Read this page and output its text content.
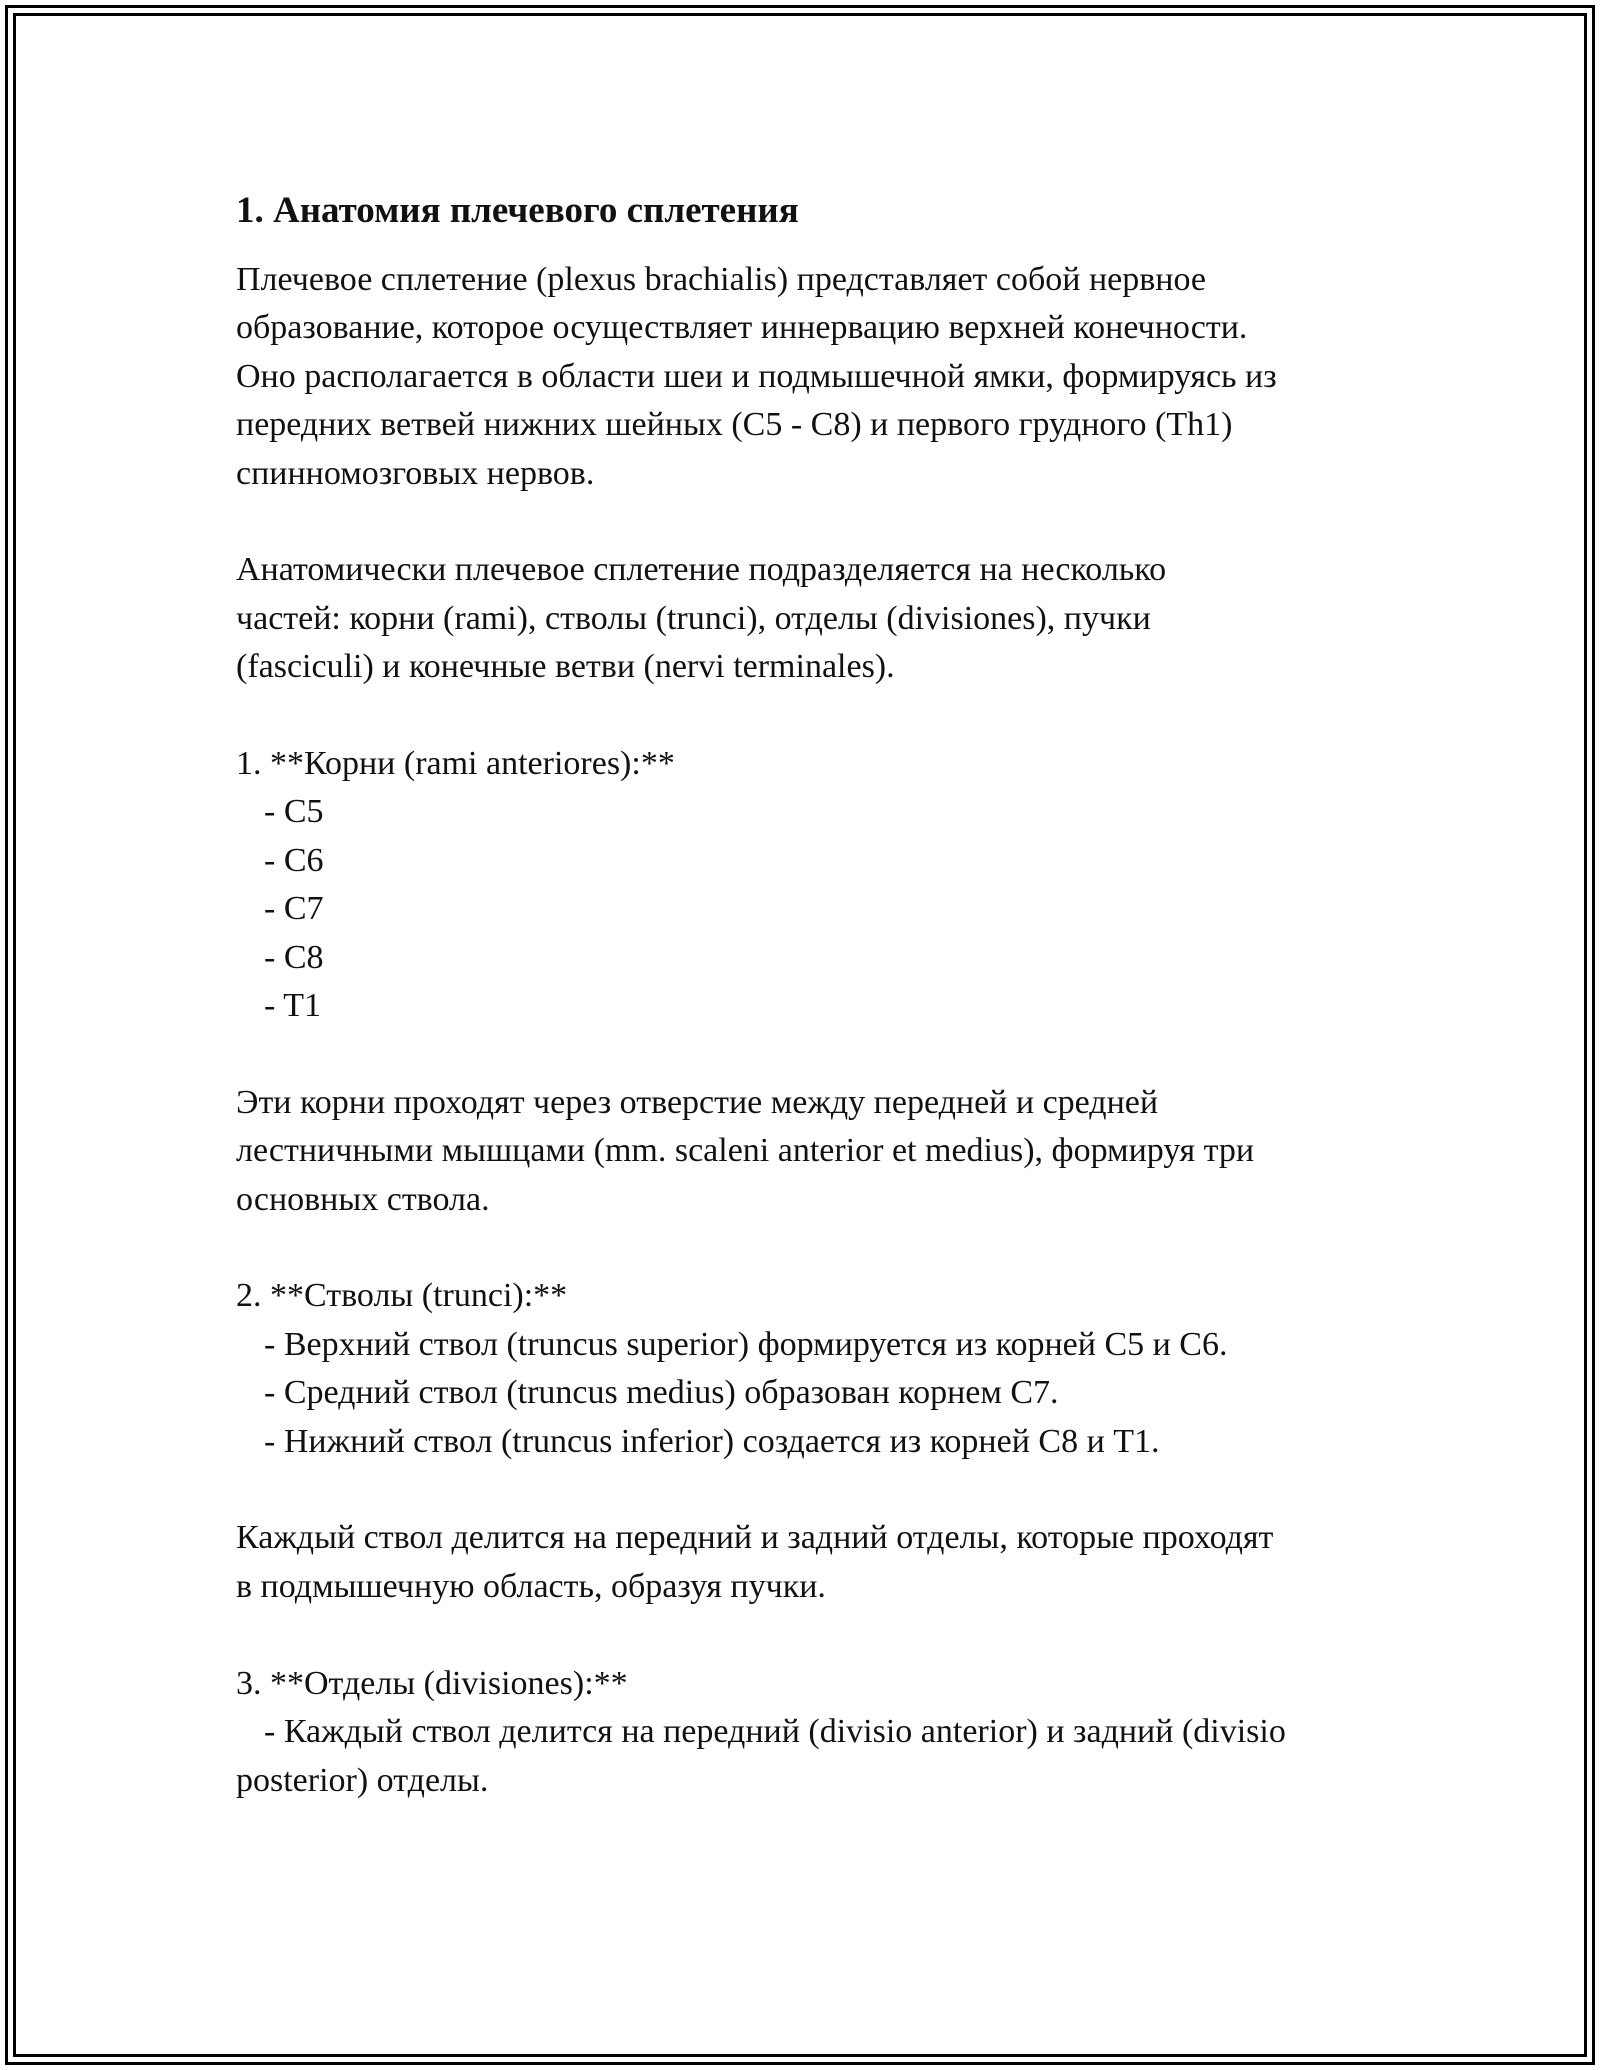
1. Анатомия плечевого сплетения

Плечевое сплетение (plexus brachialis) представляет собой нервное
образование, которое осуществляет иннервацию верхней конечности.
Оно располагается в области шеи и подмышечной ямки, формируясь из
передних ветвей нижних шейных (C5 - C8) и первого грудного (Th1)
спинномозговых нервов.

Анатомически плечевое сплетение подразделяется на несколько
частей: корни (rami), стволы (trunci), отделы (divisiones), пучки
(fasciculi) и конечные ветви (nervi terminales).

1. **Корни (rami anteriores):**
- C5
- C6
- C7
- C8
- T1

Эти корни проходят через отверстие между передней и средней
лестничными мышцами (mm. scaleni anterior et medius), формируя три
основных ствола.

2. **Стволы (trunci):**
- Верхний ствол (truncus superior) формируется из корней C5 и C6.
- Средний ствол (truncus medius) образован корнем C7.
- Нижний ствол (truncus inferior) создается из корней C8 и T1.

Каждый ствол делится на передний и задний отделы, которые проходят
в подмышечную область, образуя пучки.

3. **Отделы (divisiones):**
- Каждый ствол делится на передний (divisio anterior) и задний (divisio
posterior) отделы.
